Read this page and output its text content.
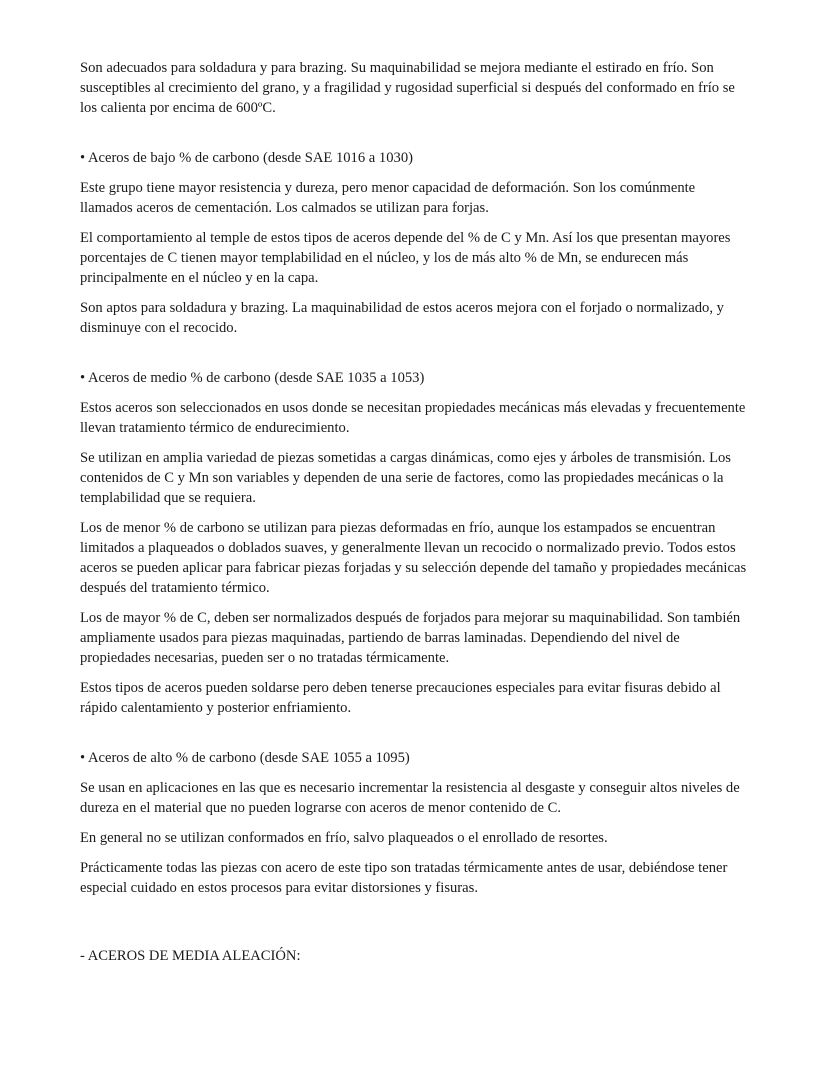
Son adecuados para soldadura y para brazing. Su maquinabilidad se mejora mediante el estirado en frío. Son susceptibles al crecimiento del grano, y a fragilidad y rugosidad superficial si después del conformado en frío se los calienta por encima de 600ºC.

• Aceros de bajo % de carbono (desde SAE 1016 a 1030)

Este grupo tiene mayor resistencia y dureza, pero menor capacidad de deformación. Son los comúnmente llamados aceros de cementación. Los calmados se utilizan para forjas.

El comportamiento al temple de estos tipos de aceros depende del % de C y Mn. Así los que presentan mayores porcentajes de C tienen mayor templabilidad en el núcleo, y los de más alto % de Mn, se endurecen más principalmente en el núcleo y en la capa.

Son aptos para soldadura y brazing. La maquinabilidad de estos aceros mejora con el forjado o normalizado, y disminuye con el recocido.

• Aceros de medio % de carbono (desde SAE 1035 a 1053)

Estos aceros son seleccionados en usos donde se necesitan propiedades mecánicas más elevadas y frecuentemente llevan tratamiento térmico de endurecimiento.

Se utilizan en amplia variedad de piezas sometidas a cargas dinámicas, como ejes y árboles de transmisión. Los contenidos de C y Mn son variables y dependen de una serie de factores, como las propiedades mecánicas o la templabilidad que se requiera.

Los de menor % de carbono se utilizan para piezas deformadas en frío, aunque los estampados se encuentran limitados a plaqueados o doblados suaves, y generalmente llevan un recocido o normalizado previo. Todos estos aceros se pueden aplicar para fabricar piezas forjadas y su selección depende del tamaño y propiedades mecánicas después del tratamiento térmico.

Los de mayor % de C, deben ser normalizados después de forjados para mejorar su maquinabilidad. Son también ampliamente usados para piezas maquinadas, partiendo de barras laminadas. Dependiendo del nivel de propiedades necesarias, pueden ser o no tratadas térmicamente.

Estos tipos de aceros pueden soldarse pero deben tenerse precauciones especiales para evitar fisuras debido al rápido calentamiento y posterior enfriamiento.

• Aceros de alto % de carbono (desde SAE 1055 a 1095)

Se usan en aplicaciones en las que es necesario incrementar la resistencia al desgaste y conseguir altos niveles de dureza en el material que no pueden lograrse con aceros de menor contenido de C.

En general no se utilizan conformados en frío, salvo plaqueados o el enrollado de resortes.

Prácticamente todas las piezas con acero de este tipo son tratadas térmicamente antes de usar, debiéndose tener especial cuidado en estos procesos para evitar distorsiones y fisuras.

- ACEROS DE MEDIA ALEACIÓN:
